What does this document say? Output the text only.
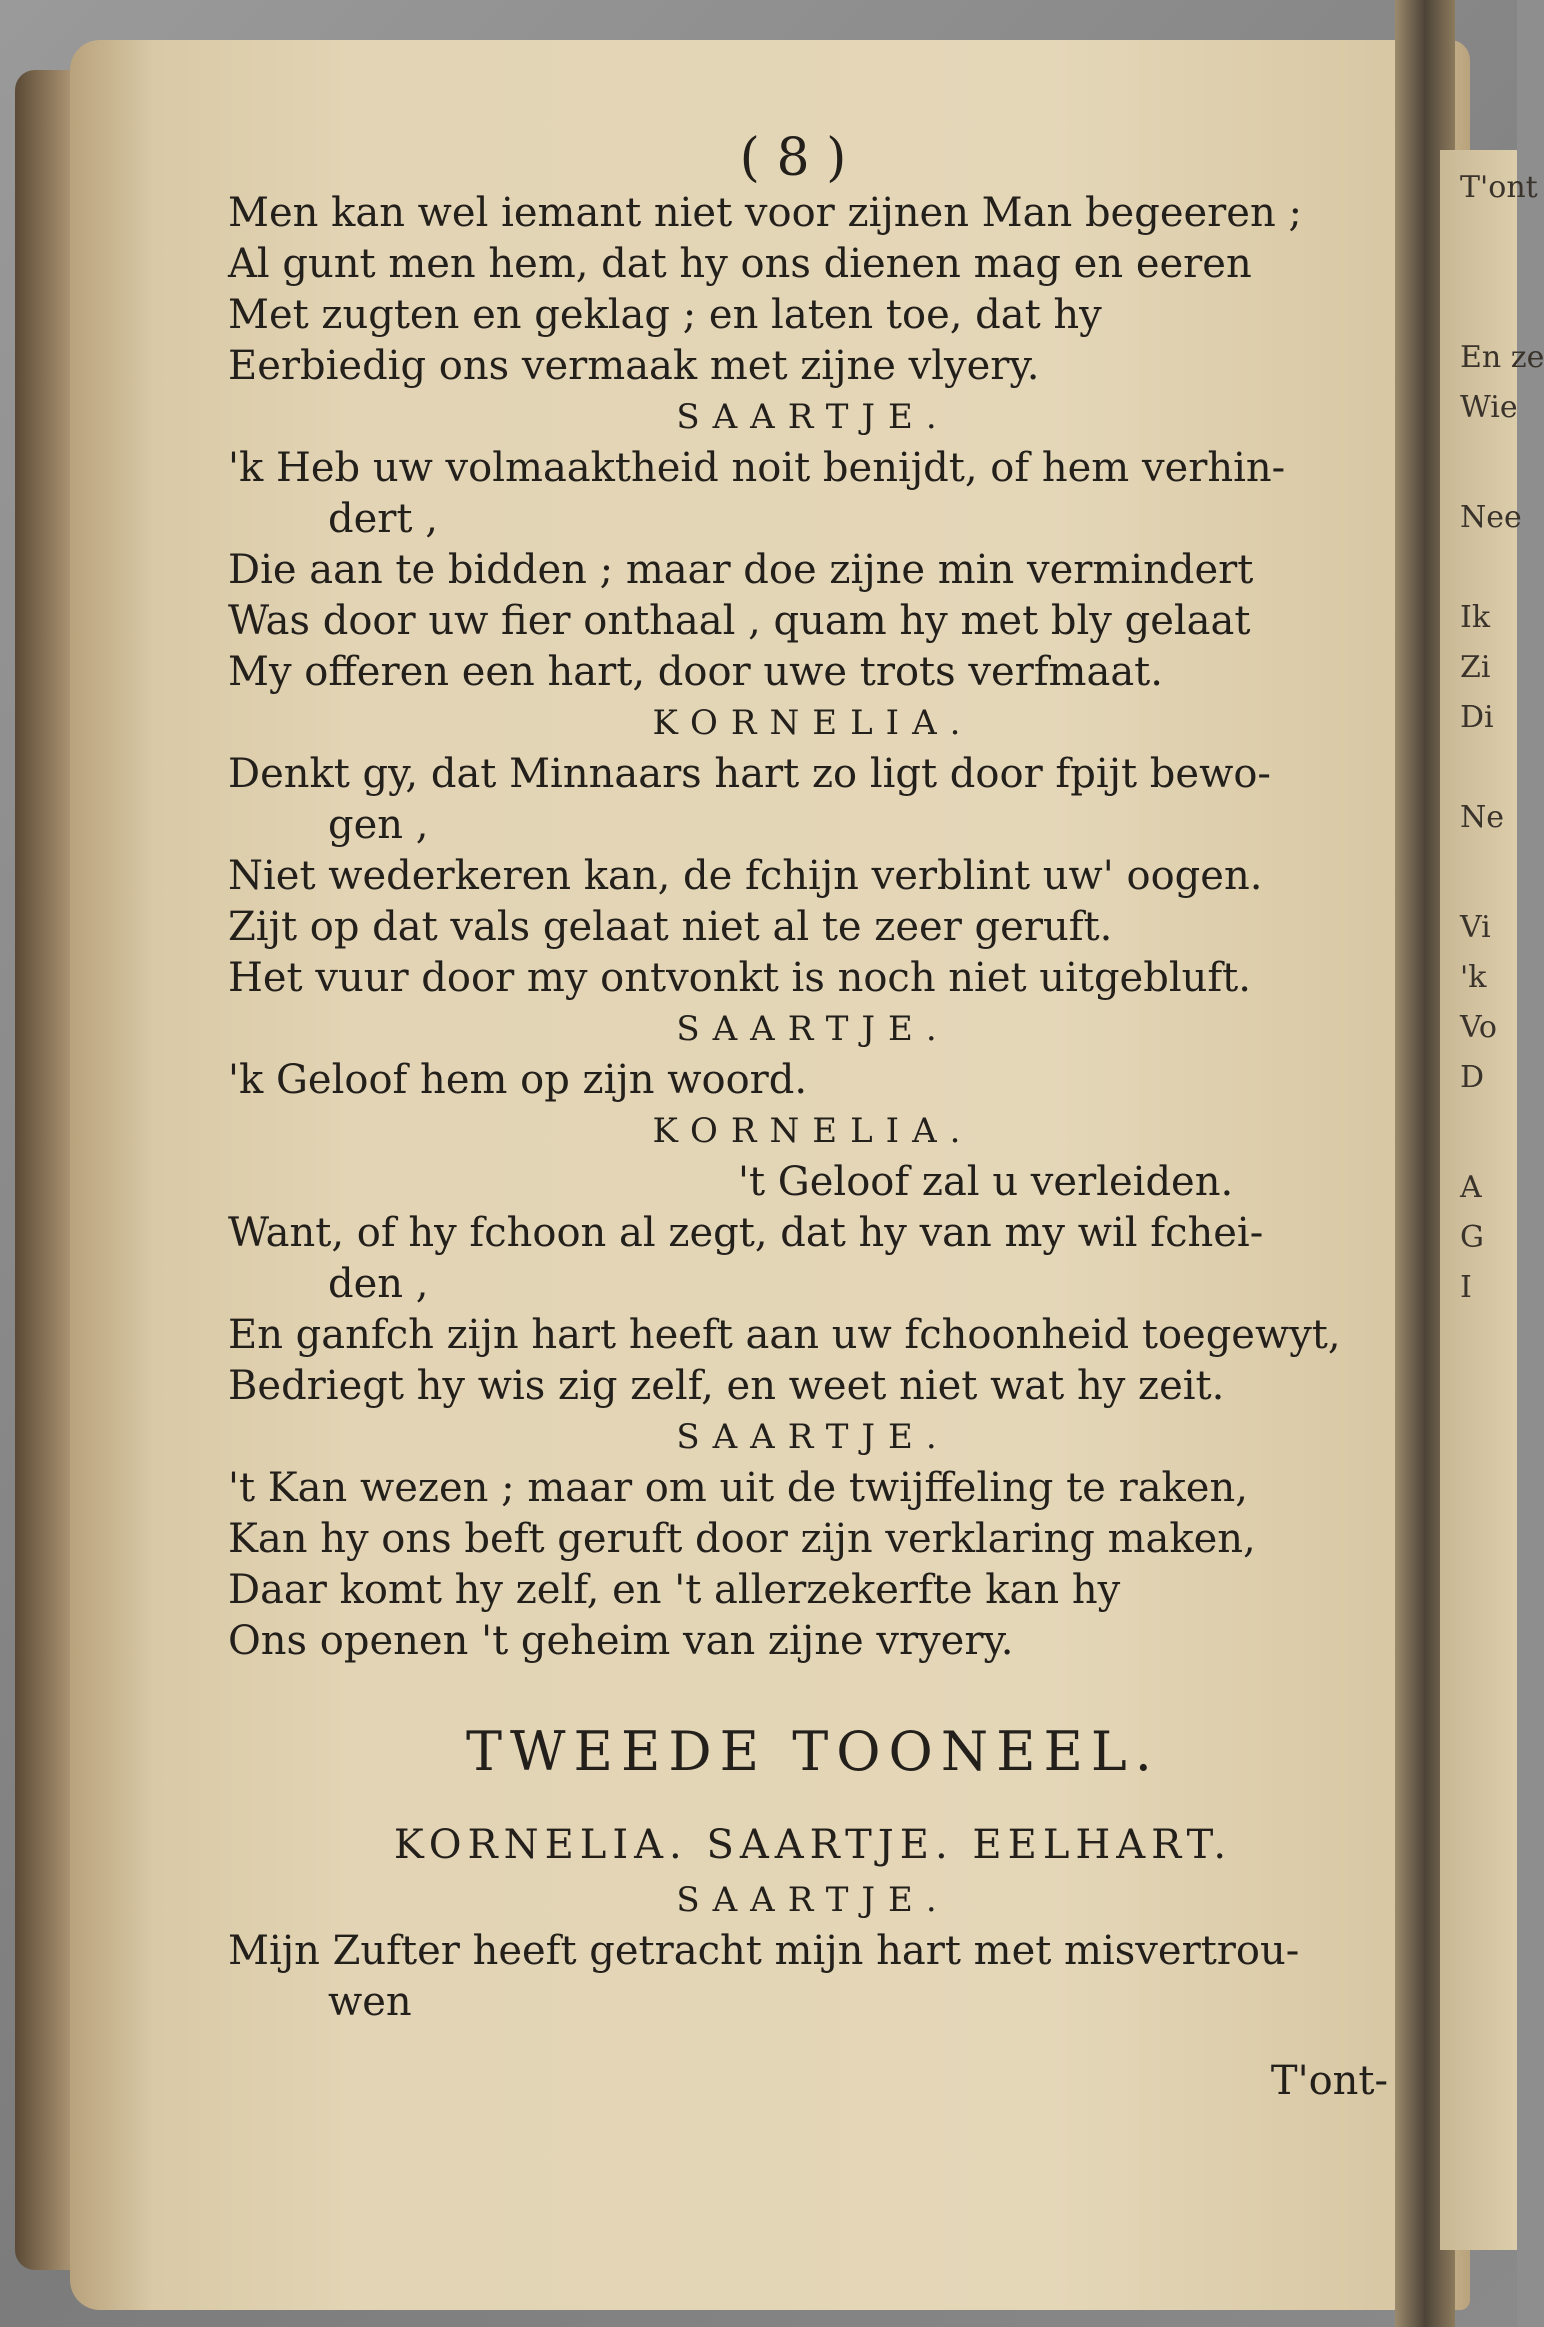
T'ont
En ze
Wie
Nee
Ik
Zi
Di
Ne
Vi
'k
Vo
D
A
G
I
( 8 )
Men kan wel iemant niet voor zijnen Man begeeren ;
Al gunt men hem, dat hy ons dienen mag en eeren
Met zugten en geklag ; en laten toe, dat hy
Eerbiedig ons vermaak met zijne vlyery.
SAARTJE.
'k Heb uw volmaaktheid noit benijdt, of hem verhin-
dert ,
Die aan te bidden ; maar doe zijne min vermindert
Was door uw fier onthaal , quam hy met bly gelaat
My offeren een hart, door uwe trots verfmaat.
KORNELIA.
Denkt gy, dat Minnaars hart zo ligt door fpijt bewo-
gen ,
Niet wederkeren kan, de fchijn verblint uw' oogen.
Zijt op dat vals gelaat niet al te zeer geruft.
Het vuur door my ontvonkt is noch niet uitgebluft.
SAARTJE.
'k Geloof hem op zijn woord.
KORNELIA.
't Geloof zal u verleiden.
Want, of hy fchoon al zegt, dat hy van my wil fchei-
den ,
En ganfch zijn hart heeft aan uw fchoonheid toegewyt,
Bedriegt hy wis zig zelf, en weet niet wat hy zeit.
SAARTJE.
't Kan wezen ; maar om uit de twijffeling te raken,
Kan hy ons beft geruft door zijn verklaring maken,
Daar komt hy zelf, en 't allerzekerfte kan hy
Ons openen 't geheim van zijne vryery.
TWEEDE TOONEEL.
KORNELIA. SAARTJE. EELHART.
SAARTJE.
Mijn Zufter heeft getracht mijn hart met misvertrou-
wen
T'ont-
